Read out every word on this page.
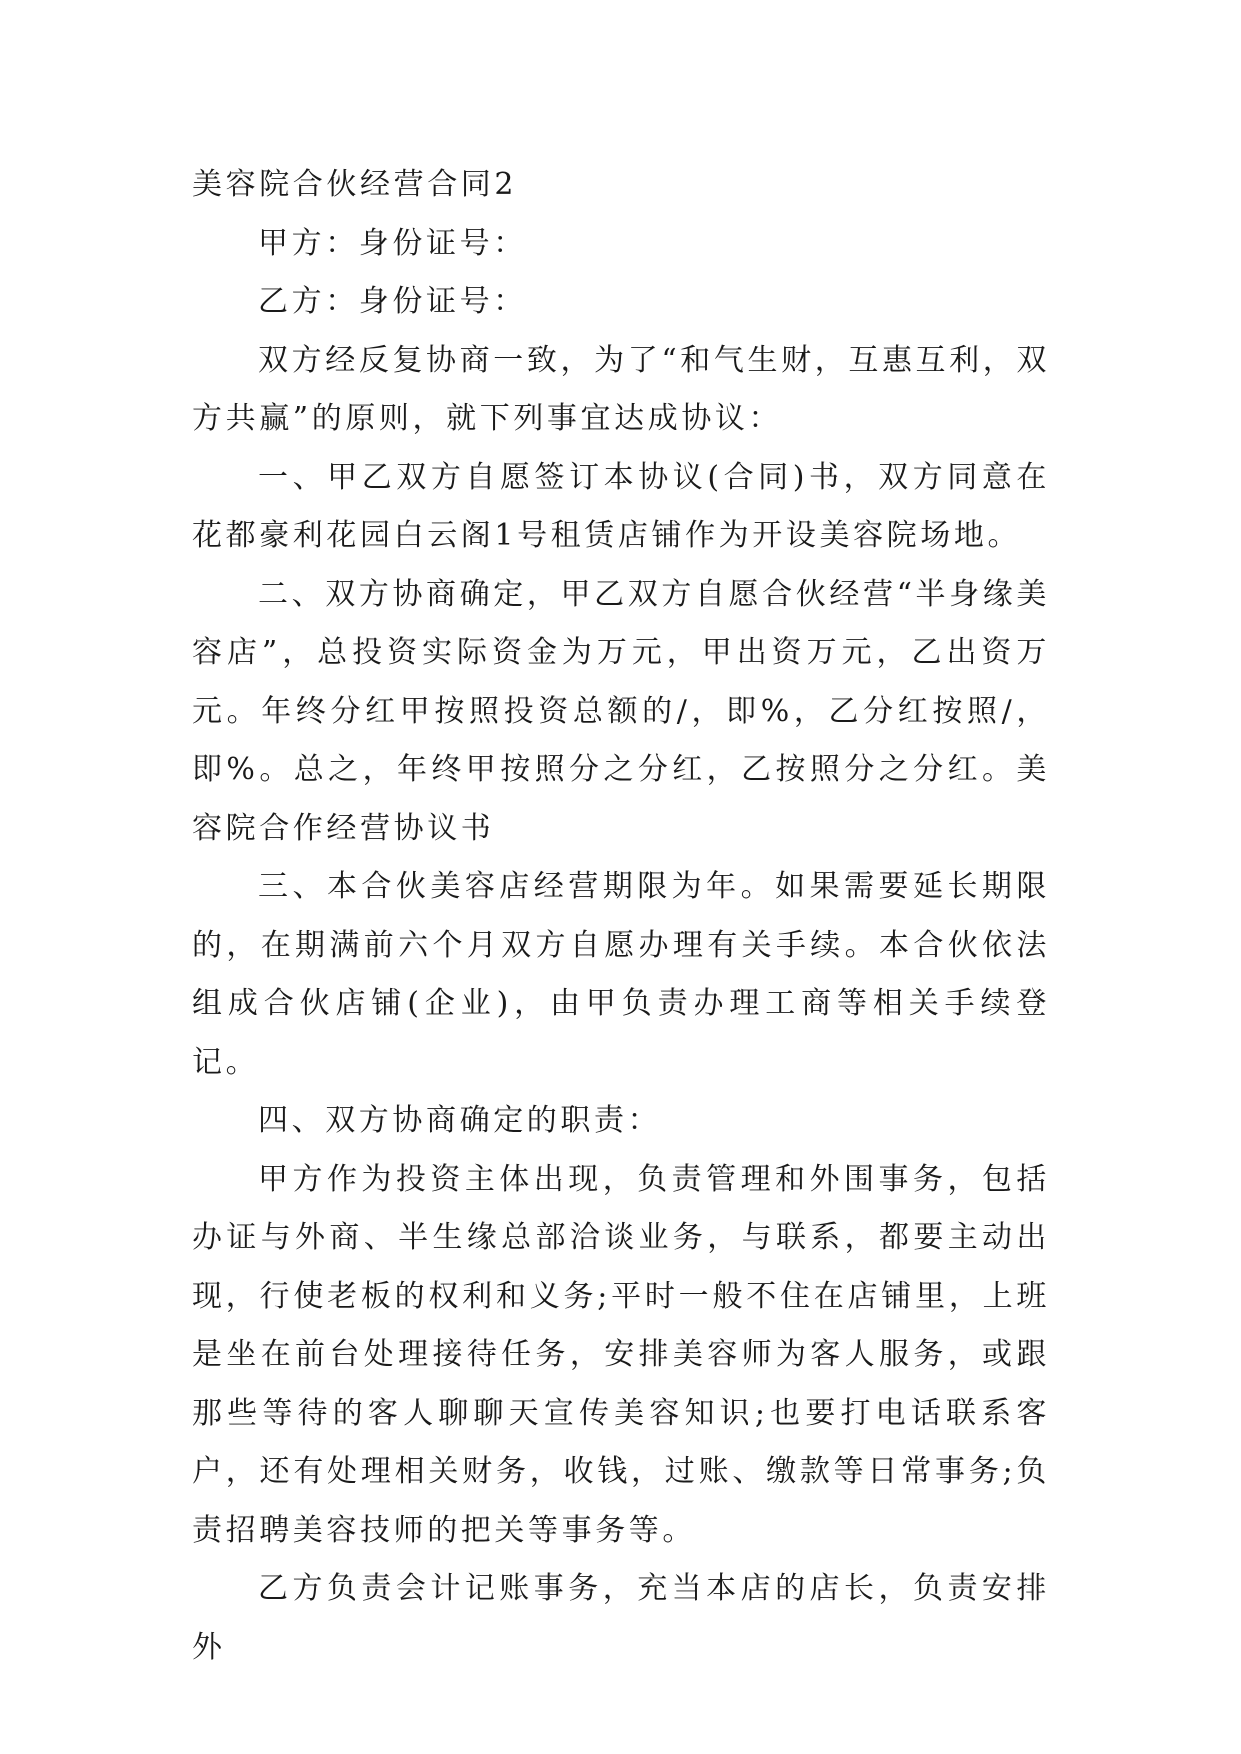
美容院合伙经营合同2

甲方：身份证号：

乙方：身份证号：

双方经反复协商一致，为了“和气生财，互惠互利，双方共赢”的原则，就下列事宜达成协议：

一、甲乙双方自愿签订本协议(合同)书，双方同意在花都豪利花园白云阁1号租赁店铺作为开设美容院场地。

二、双方协商确定，甲乙双方自愿合伙经营“半身缘美容店”，总投资实际资金为万元，甲出资万元，乙出资万元。年终分红甲按照投资总额的/，即%，乙分红按照/，即%。总之，年终甲按照分之分红，乙按照分之分红。美容院合作经营协议书

三、本合伙美容店经营期限为年。如果需要延长期限的，在期满前六个月双方自愿办理有关手续。本合伙依法组成合伙店铺(企业)，由甲负责办理工商等相关手续登记。

四、双方协商确定的职责：

甲方作为投资主体出现，负责管理和外围事务，包括办证与外商、半生缘总部洽谈业务，与联系，都要主动出现，行使老板的权利和义务;平时一般不住在店铺里，上班是坐在前台处理接待任务，安排美容师为客人服务，或跟那些等待的客人聊聊天宣传美容知识;也要打电话联系客户，还有处理相关财务，收钱，过账、缴款等日常事务;负责招聘美容技师的把关等事务等。

乙方负责会计记账事务，充当本店的店长，负责安排外
